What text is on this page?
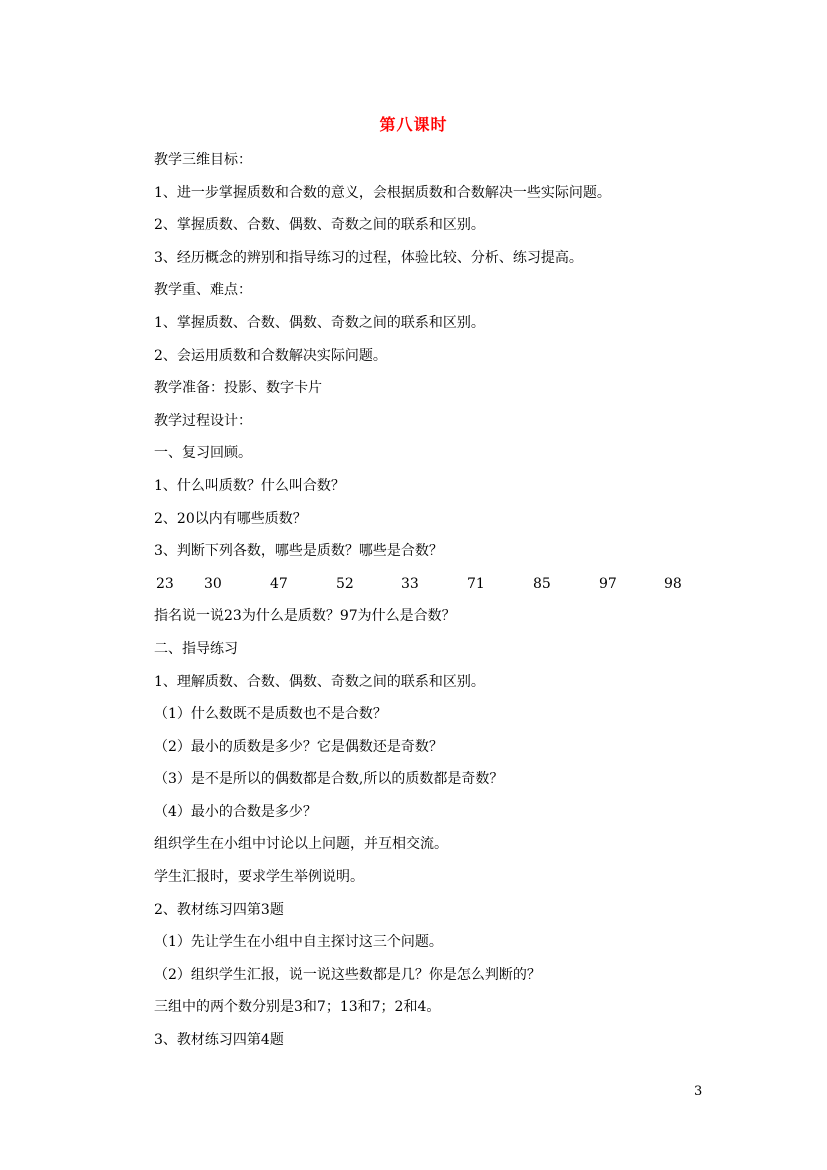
第八课时
教学三维目标：
1、进一步掌握质数和合数的意义，会根据质数和合数解决一些实际问题。
2、掌握质数、合数、偶数、奇数之间的联系和区别。
3、经历概念的辨别和指导练习的过程，体验比较、分析、练习提高。
教学重、难点：
1、掌握质数、合数、偶数、奇数之间的联系和区别。
2、会运用质数和合数解决实际问题。
教学准备：投影、数字卡片
教学过程设计：
一、复习回顾。
1、什么叫质数？什么叫合数？
2、20以内有哪些质数？
3、判断下列各数，哪些是质数？哪些是合数？
23 30	47	52	33	71	85	97	98
指名说一说23为什么是质数？97为什么是合数？
二、指导练习
1、理解质数、合数、偶数、奇数之间的联系和区别。
（1）什么数既不是质数也不是合数？
（2）最小的质数是多少？它是偶数还是奇数？
（3）是不是所以的偶数都是合数,所以的质数都是奇数？
（4）最小的合数是多少？
组织学生在小组中讨论以上问题，并互相交流。
学生汇报时，要求学生举例说明。
2、教材练习四第3题
（1）先让学生在小组中自主探讨这三个问题。
（2）组织学生汇报，说一说这些数都是几？你是怎么判断的？
三组中的两个数分别是3和7；13和7；2和4。
3、教材练习四第4题
3
